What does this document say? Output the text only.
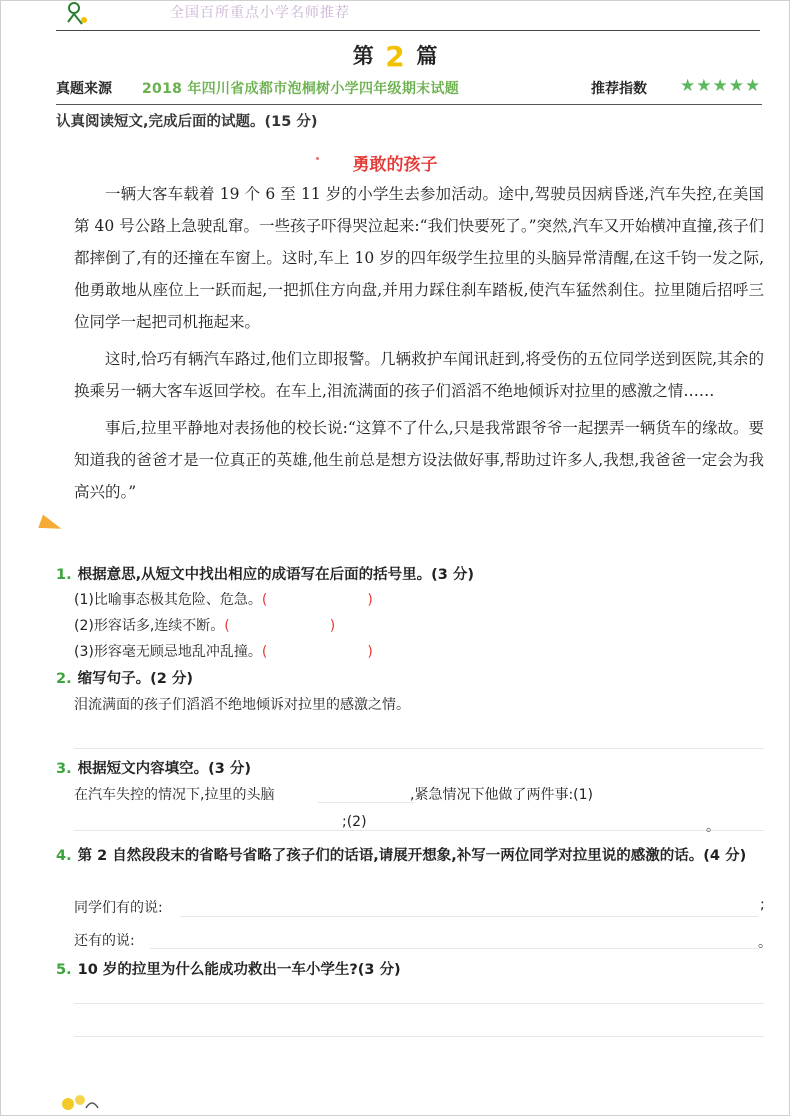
全国百所重点小学名师推荐
第 2 篇
真题来源 2018 年四川省成都市泡桐树小学四年级期末试题	推荐指数 ★★★★★
认真阅读短文,完成后面的试题。(15 分)
勇敢的孩子

一辆大客车载着 19 个 6 至 11 岁的小学生去参加活动。途中,驾驶员因病昏迷,汽车失控,在美国第 40 号公路上急驶乱窜。一些孩子吓得哭泣起来:“我们快要死了。”突然,汽车又开始横冲直撞,孩子们都摔倒了,有的还撞在车窗上。这时,车上 10 岁的四年级学生拉里的头脑异常清醒,在这千钧一发之际,他勇敢地从座位上一跃而起,一把抓住方向盘,并用力踩住刹车踏板,使汽车猛然刹住。拉里随后招呼三位同学一起把司机拖起来。

这时,恰巧有辆汽车路过,他们立即报警。几辆救护车闻讯赶到,将受伤的五位同学送到医院,其余的换乘另一辆大客车返回学校。在车上,泪流满面的孩子们滔滔不绝地倾诉对拉里的感激之情……

事后,拉里平静地对表扬他的校长说:“这算不了什么,只是我常跟爷爷一起摆弄一辆货车的缘故。要知道我的爸爸才是一位真正的英雄,他生前总是想方设法做好事,帮助过许多人,我想,我爸爸一定会为我高兴的。”

1. 根据意思,从短文中找出相应的成语写在后面的括号里。(3 分)
(1)比喻事态极其危险、危急。(	)
(2)形容话多,连续不断。(	)
(3)形容毫无顾忌地乱冲乱撞。(	)
2. 缩写句子。(2 分)
泪流满面的孩子们滔滔不绝地倾诉对拉里的感激之情。
3. 根据短文内容填空。(3 分)
在汽车失控的情况下,拉里的头脑	,紧急情况下他做了两件事:(1)
;(2)	。
4. 第 2 自然段段末的省略号省略了孩子们的话语,请展开想象,补写一两位同学对拉里说的感激的话。(4 分)
同学们有的说:	;
还有的说:	。
5. 10 岁的拉里为什么能成功救出一车小学生?(3 分)
